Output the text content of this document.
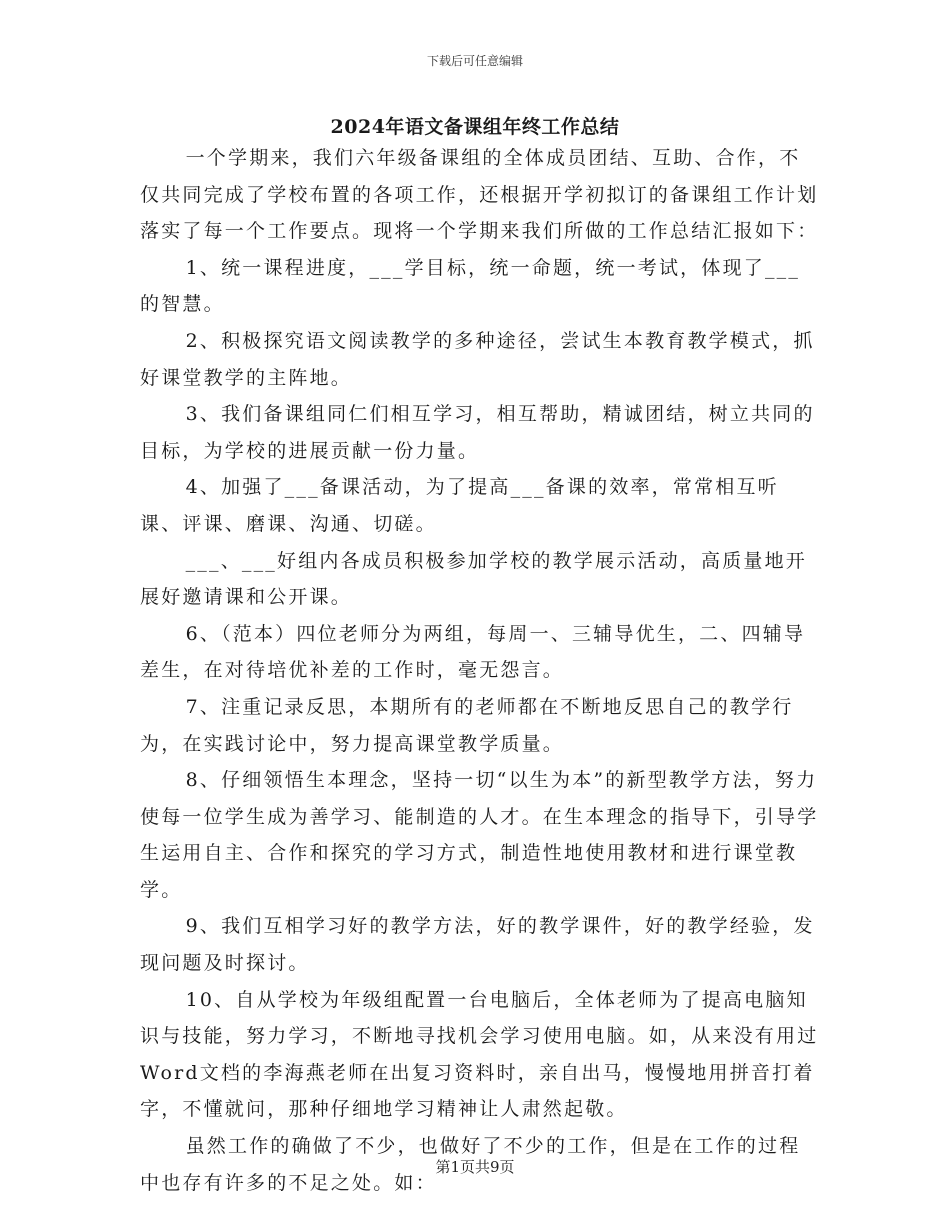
下载后可任意编辑
2024年语文备课组年终工作总结

一个学期来，我们六年级备课组的全体成员团结、互助、合作，不仅共同完成了学校布置的各项工作，还根据开学初拟订的备课组工作计划落实了每一个工作要点。现将一个学期来我们所做的工作总结汇报如下：

1、统一课程进度，___学目标，统一命题，统一考试，体现了___的智慧。

2、积极探究语文阅读教学的多种途径，尝试生本教育教学模式，抓好课堂教学的主阵地。

3、我们备课组同仁们相互学习，相互帮助，精诚团结，树立共同的目标，为学校的进展贡献一份力量。

4、加强了___备课活动，为了提高___备课的效率，常常相互听课、评课、磨课、沟通、切磋。

___、___好组内各成员积极参加学校的教学展示活动，高质量地开展好邀请课和公开课。

6、（范本）四位老师分为两组，每周一、三辅导优生，二、四辅导差生，在对待培优补差的工作时，毫无怨言。

7、注重记录反思，本期所有的老师都在不断地反思自己的教学行为，在实践讨论中，努力提高课堂教学质量。

8、仔细领悟生本理念，坚持一切“以生为本”的新型教学方法，努力使每一位学生成为善学习、能制造的人才。在生本理念的指导下，引导学生运用自主、合作和探究的学习方式，制造性地使用教材和进行课堂教学。

9、我们互相学习好的教学方法，好的教学课件，好的教学经验，发现问题及时探讨。

10、自从学校为年级组配置一台电脑后，全体老师为了提高电脑知识与技能，努力学习，不断地寻找机会学习使用电脑。如，从来没有用过Word文档的李海燕老师在出复习资料时，亲自出马，慢慢地用拼音打着字，不懂就问，那种仔细地学习精神让人肃然起敬。

虽然工作的确做了不少，也做好了不少的工作，但是在工作的过程中也存有许多的不足之处。如：

第1页共9页
